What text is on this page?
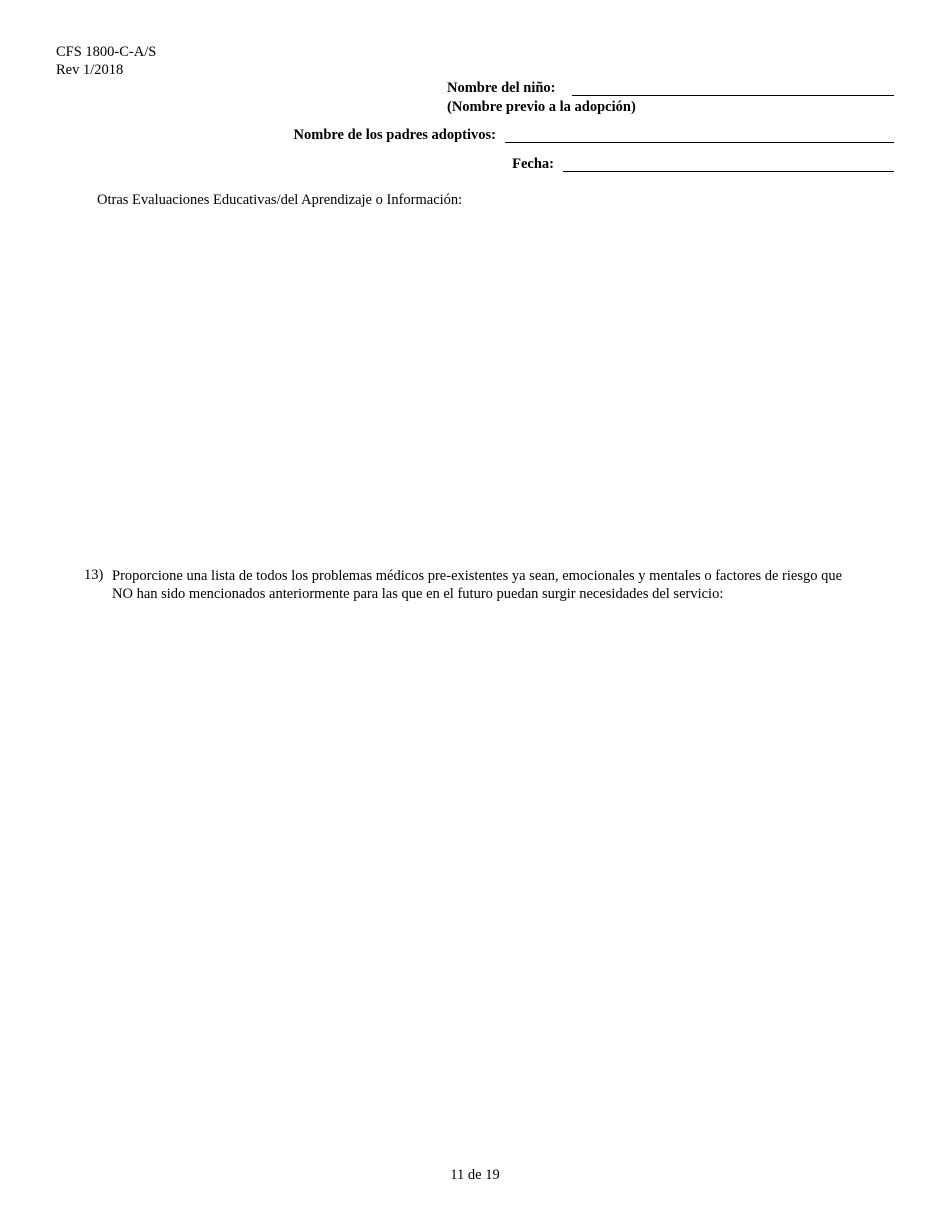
CFS 1800-C-A/S
Rev 1/2018
Nombre del niño:
(Nombre previo a la adopción)
Nombre de los padres adoptivos:
Fecha:
Otras Evaluaciones Educativas/del Aprendizaje o Información:
13) Proporcione una lista de todos los problemas médicos pre-existentes ya sean, emocionales y mentales o factores de riesgo que
NO han sido mencionados anteriormente para las que en el futuro puedan surgir necesidades del servicio:
11 de 19
